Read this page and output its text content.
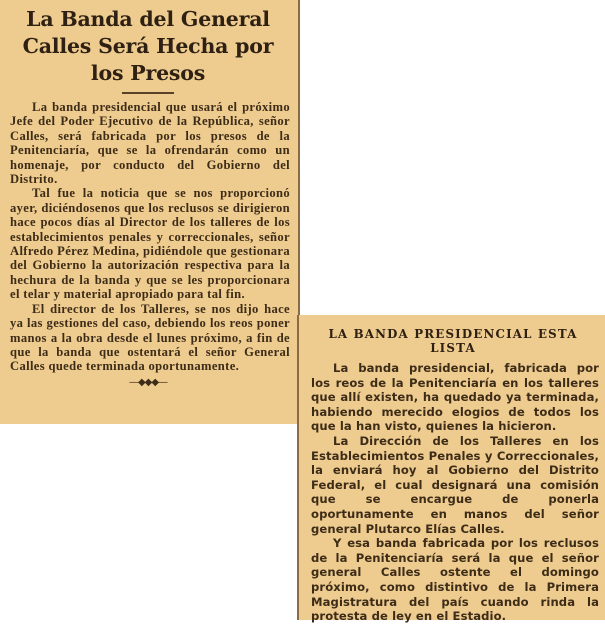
La Banda del General Calles Será Hecha por los Presos

La banda presidencial que usará el próximo Jefe del Poder Ejecutivo de la República, señor Calles, será fabricada por los presos de la Penitenciaría, que se la ofrendarán como un homenaje, por conducto del Gobierno del Distrito.

Tal fue la noticia que se nos proporcionó ayer, diciéndosenos que los reclusos se dirigieron hace pocos días al Director de los talleres de los establecimientos penales y correccionales, señor Alfredo Pérez Medina, pidiéndole que gestionara del Gobierno la autorización respectiva para la hechura de la banda y que se les proporcionara el telar y material apropiado para tal fin.

El director de los Talleres, se nos dijo hace ya las gestiones del caso, debiendo los reos poner manos a la obra desde el lunes próximo, a fin de que la banda que ostentará el señor General Calles quede terminada oportunamente.

—◆◆◆—
LA BANDA PRESIDENCIAL ESTA LISTA

La banda presidencial, fabricada por los reos de la Penitenciaría en los talleres que allí existen, ha quedado ya terminada, habiendo merecido elogios de todos los que la han visto, quienes la hicieron.

La Dirección de los Talleres en los Establecimientos Penales y Correccionales, la enviará hoy al Gobierno del Distrito Federal, el cual designará una comisión que se encargue de ponerla oportunamente en manos del señor general Plutarco Elías Calles.

Y esa banda fabricada por los reclusos de la Penitenciaría será la que el señor general Calles ostente el domingo próximo, como distintivo de la Primera Magistratura del país cuando rinda la protesta de ley en el Estadio.
